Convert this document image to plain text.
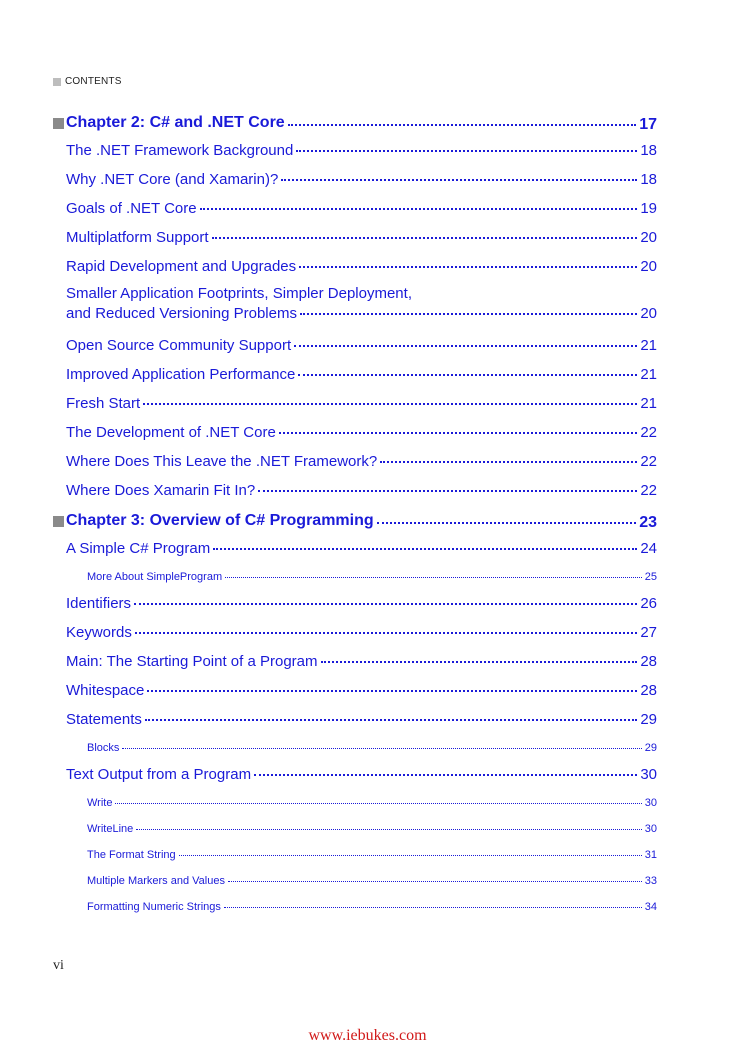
CONTENTS
Chapter 2: C# and .NET Core	17
The .NET Framework Background	18
Why .NET Core (and Xamarin)?	18
Goals of .NET Core	19
Multiplatform Support	20
Rapid Development and Upgrades	20
Smaller Application Footprints, Simpler Deployment,
and Reduced Versioning Problems	20
Open Source Community Support	21
Improved Application Performance	21
Fresh Start	21
The Development of .NET Core	22
Where Does This Leave the .NET Framework?	22
Where Does Xamarin Fit In?	22
Chapter 3: Overview of C# Programming	23
A Simple C# Program	24
More About SimpleProgram	25
Identifiers	26
Keywords	27
Main: The Starting Point of a Program	28
Whitespace	28
Statements	29
Blocks	29
Text Output from a Program	30
Write	30
WriteLine	30
The Format String	31
Multiple Markers and Values	33
Formatting Numeric Strings	34
vi
www.iebukes.com
